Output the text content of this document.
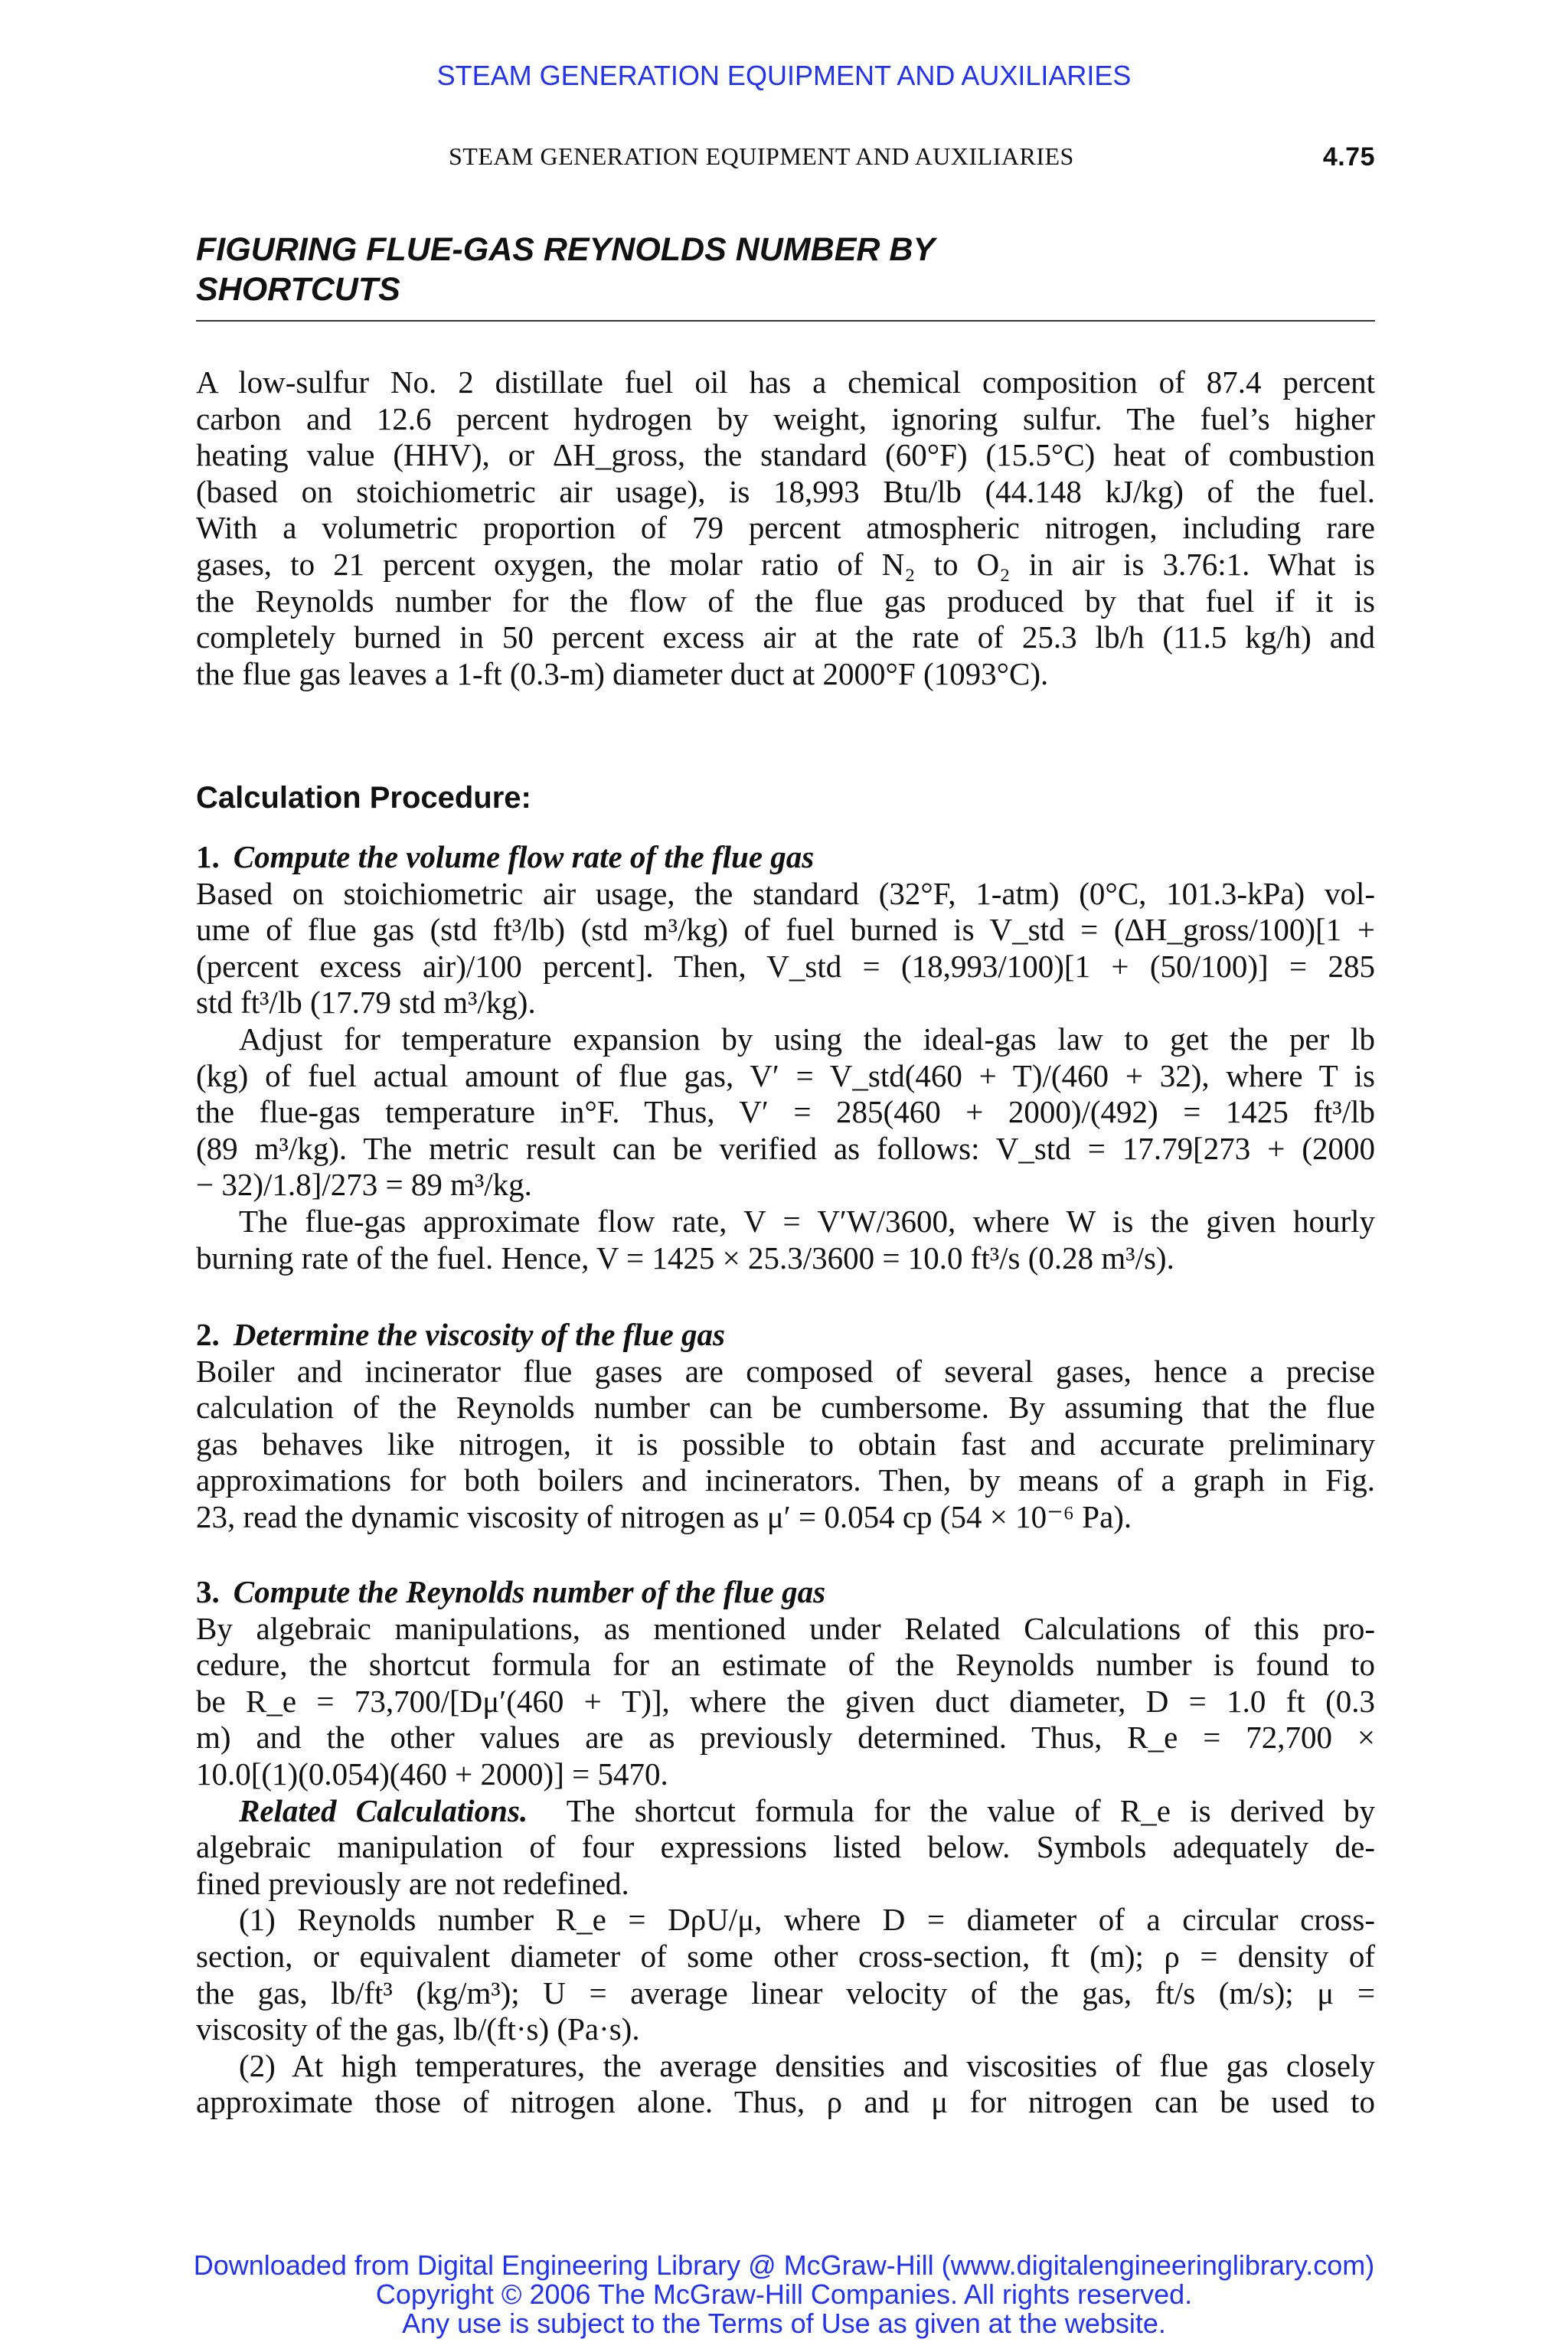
STEAM GENERATION EQUIPMENT AND AUXILIARIES
STEAM GENERATION EQUIPMENT AND AUXILIARIES	4.75
FIGURING FLUE-GAS REYNOLDS NUMBER BY
SHORTCUTS
A low-sulfur No. 2 distillate fuel oil has a chemical composition of 87.4 percent
carbon and 12.6 percent hydrogen by weight, ignoring sulfur. The fuel’s higher
heating value (HHV), or ΔH_gross, the standard (60°F) (15.5°C) heat of combustion
(based on stoichiometric air usage), is 18,993 Btu/lb (44.148 kJ/kg) of the fuel.
With a volumetric proportion of 79 percent atmospheric nitrogen, including rare
gases, to 21 percent oxygen, the molar ratio of N₂ to O₂ in air is 3.76:1. What is
the Reynolds number for the flow of the flue gas produced by that fuel if it is
completely burned in 50 percent excess air at the rate of 25.3 lb/h (11.5 kg/h) and
the flue gas leaves a 1-ft (0.3-m) diameter duct at 2000°F (1093°C).
Calculation Procedure:
1. Compute the volume flow rate of the flue gas
Based on stoichiometric air usage, the standard (32°F, 1-atm) (0°C, 101.3-kPa) vol-
ume of flue gas (std ft³/lb) (std m³/kg) of fuel burned is V_std = (ΔH_gross/100)[1 +
(percent excess air)/100 percent]. Then, V_std = (18,993/100)[1 + (50/100)] = 285
std ft³/lb (17.79 std m³/kg).
Adjust for temperature expansion by using the ideal-gas law to get the per lb
(kg) of fuel actual amount of flue gas, V′ = V_std(460 + T)/(460 + 32), where T is
the flue-gas temperature in°F. Thus, V′ = 285(460 + 2000)/(492) = 1425 ft³/lb
(89 m³/kg). The metric result can be verified as follows: V_std = 17.79[273 + (2000
− 32)/1.8]/273 = 89 m³/kg.
The flue-gas approximate flow rate, V = V′W/3600, where W is the given hourly
burning rate of the fuel. Hence, V = 1425 × 25.3/3600 = 10.0 ft³/s (0.28 m³/s).
2. Determine the viscosity of the flue gas
Boiler and incinerator flue gases are composed of several gases, hence a precise
calculation of the Reynolds number can be cumbersome. By assuming that the flue
gas behaves like nitrogen, it is possible to obtain fast and accurate preliminary
approximations for both boilers and incinerators. Then, by means of a graph in Fig.
23, read the dynamic viscosity of nitrogen as μ′ = 0.054 cp (54 × 10⁻⁶ Pa).
3. Compute the Reynolds number of the flue gas
By algebraic manipulations, as mentioned under Related Calculations of this pro-
cedure, the shortcut formula for an estimate of the Reynolds number is found to
be R_e = 73,700/[Dμ′(460 + T)], where the given duct diameter, D = 1.0 ft (0.3
m) and the other values are as previously determined. Thus, R_e = 72,700 ×
10.0[(1)(0.054)(460 + 2000)] = 5470.
Related Calculations. The shortcut formula for the value of R_e is derived by
algebraic manipulation of four expressions listed below. Symbols adequately de-
fined previously are not redefined.
(1) Reynolds number R_e = DρU/μ, where D = diameter of a circular cross-
section, or equivalent diameter of some other cross-section, ft (m); ρ = density of
the gas, lb/ft³ (kg/m³); U = average linear velocity of the gas, ft/s (m/s); μ =
viscosity of the gas, lb/(ft·s) (Pa·s).
(2) At high temperatures, the average densities and viscosities of flue gas closely
approximate those of nitrogen alone. Thus, ρ and μ for nitrogen can be used to
Downloaded from Digital Engineering Library @ McGraw-Hill (www.digitalengineeringlibrary.com)
Copyright © 2006 The McGraw-Hill Companies. All rights reserved.
Any use is subject to the Terms of Use as given at the website.
